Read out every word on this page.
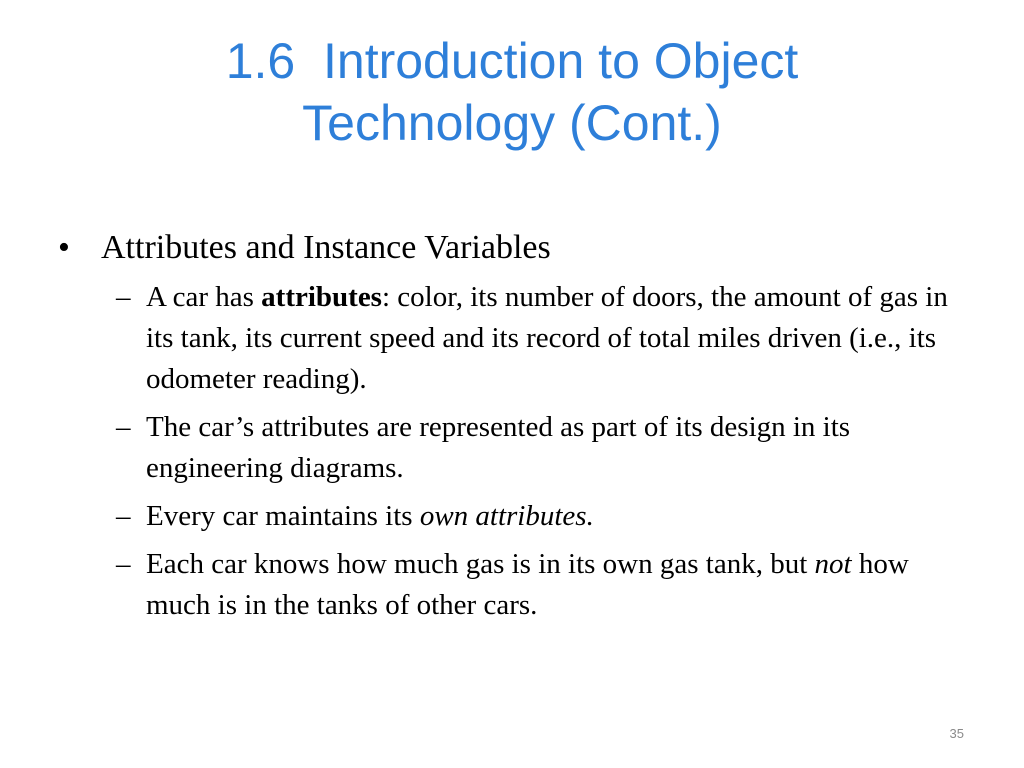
1.6  Introduction to Object
Technology (Cont.)
• Attributes and Instance Variables
– A car has attributes: color, its number of doors, the amount of gas in its tank, its current speed and its record of total miles driven (i.e., its odometer reading).
– The car’s attributes are represented as part of its design in its engineering diagrams.
– Every car maintains its own attributes.
– Each car knows how much gas is in its own gas tank, but not how much is in the tanks of other cars.
35
